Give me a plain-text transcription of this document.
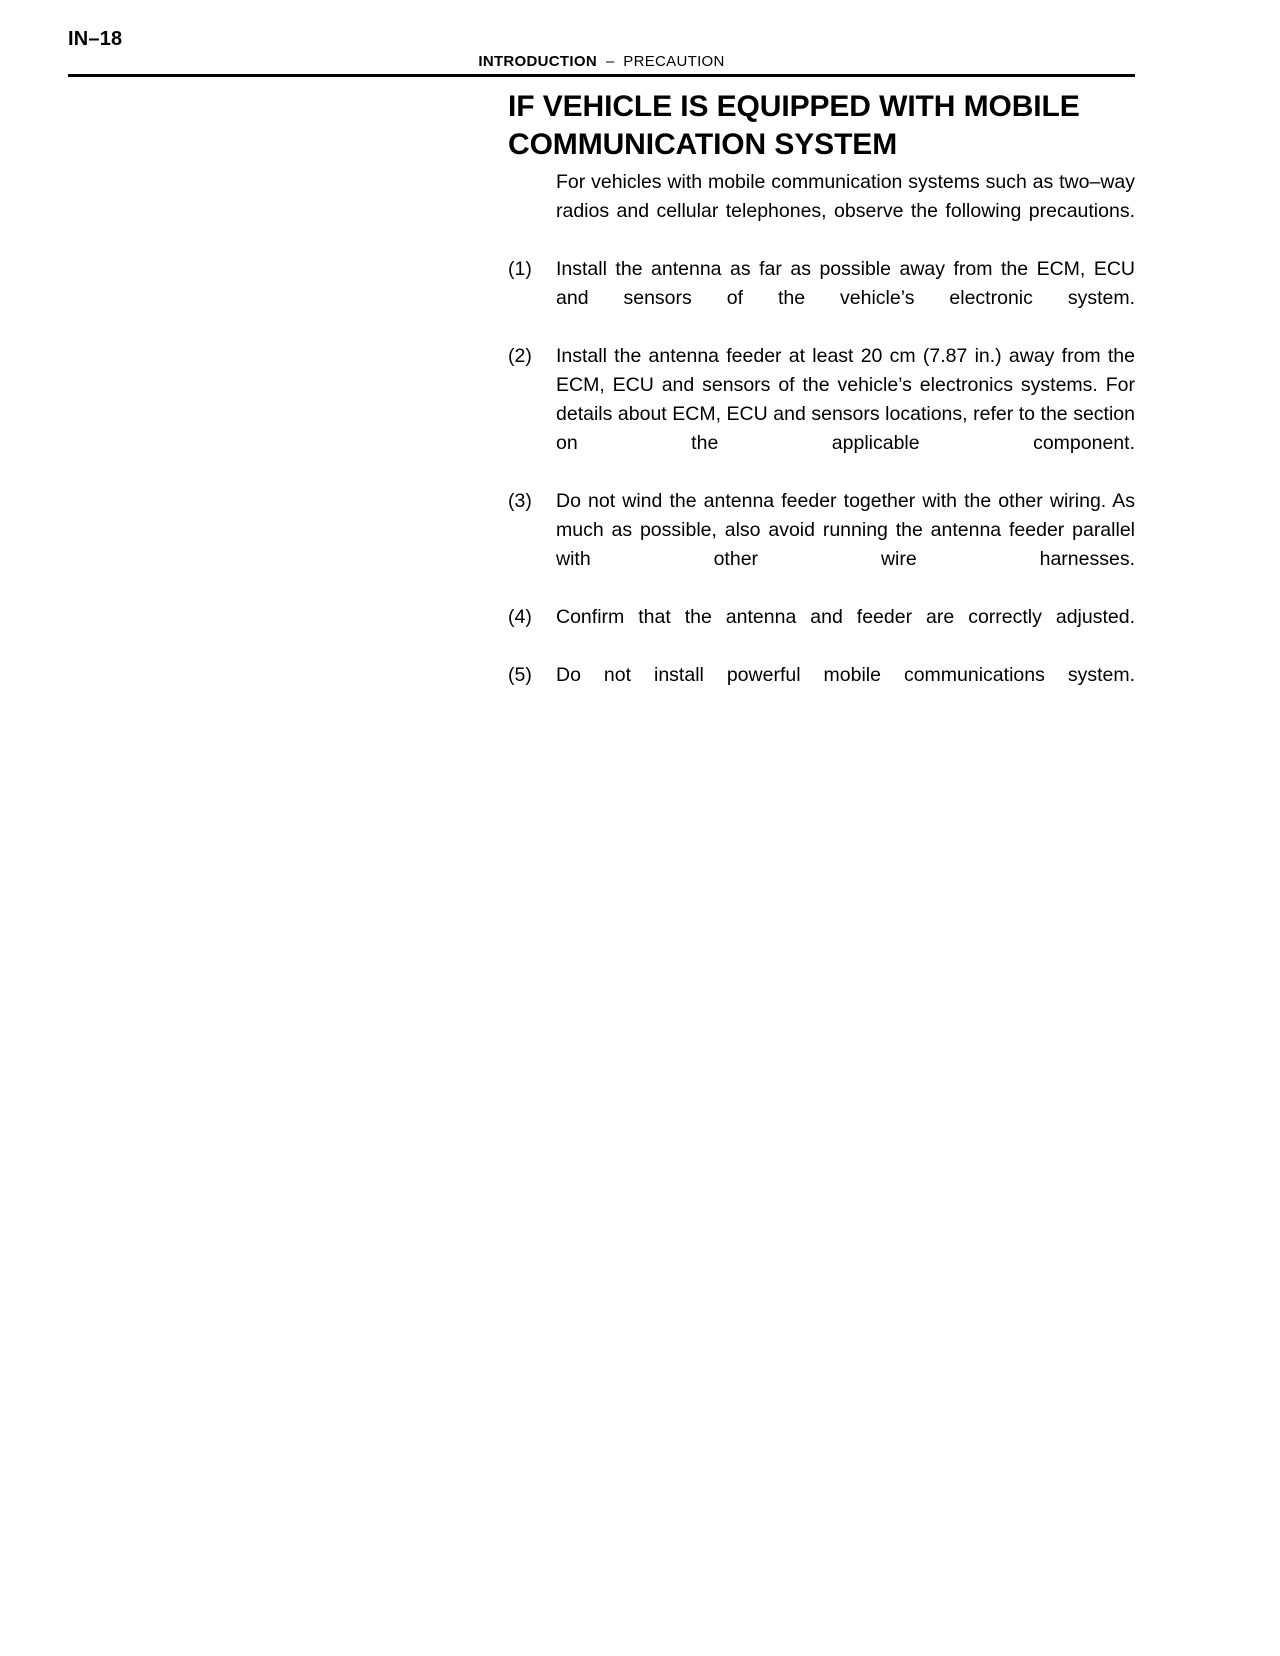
IN–18
INTRODUCTION – PRECAUTION
IF VEHICLE IS EQUIPPED WITH MOBILE COMMUNICATION SYSTEM

For vehicles with mobile communication systems such as two–way radios and cellular telephones, observe the following precautions.

(1)	Install the antenna as far as possible away from the ECM, ECU and sensors of the vehicle’s electronic system.
(2)	Install the antenna feeder at least 20 cm (7.87 in.) away from the ECM, ECU and sensors of the vehicle’s electronics systems. For details about ECM, ECU and sensors locations, refer to the section on the applicable component.
(3)	Do not wind the antenna feeder together with the other wiring. As much as possible, also avoid running the antenna feeder parallel with other wire harnesses.
(4)	Confirm that the antenna and feeder are correctly adjusted.
(5)	Do not install powerful mobile communications system.
